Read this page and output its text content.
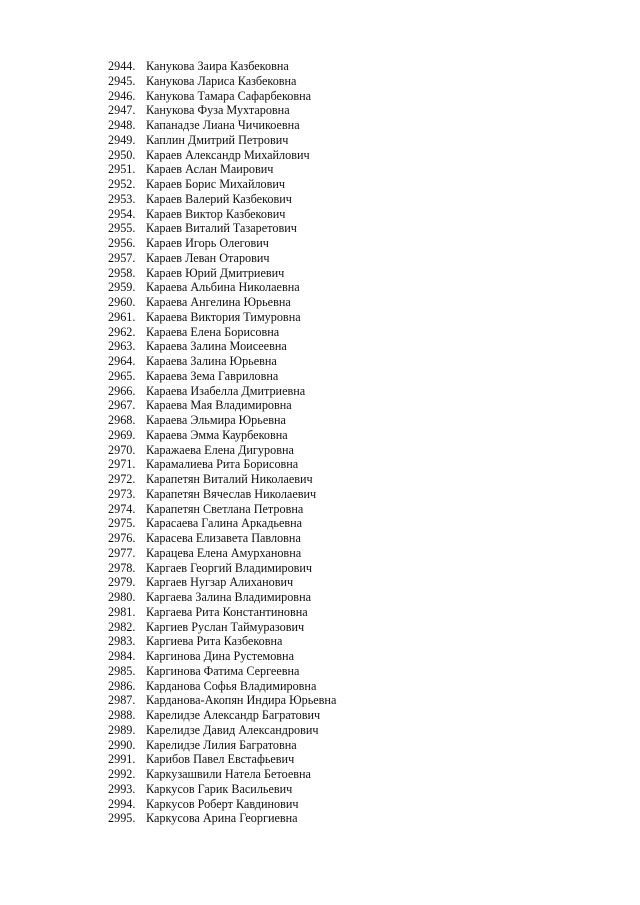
2944. Канукова Заира Казбековна
2945. Канукова Лариса Казбековна
2946. Канукова Тамара Сафарбековна
2947. Канукова Фуза Мухтаровна
2948. Капанадзе Лиана Чичикоевна
2949. Каплин Дмитрий Петрович
2950. Караев Александр Михайлович
2951. Караев Аслан Маирович
2952. Караев Борис Михайлович
2953. Караев Валерий Казбекович
2954. Караев Виктор Казбекович
2955. Караев Виталий Тазаретович
2956. Караев Игорь Олегович
2957. Караев Леван Отарович
2958. Караев Юрий Дмитриевич
2959. Караева Альбина Николаевна
2960. Караева Ангелина Юрьевна
2961. Караева Виктория Тимуровна
2962. Караева Елена Борисовна
2963. Караева Залина Моисеевна
2964. Караева Залина Юрьевна
2965. Караева Зема Гавриловна
2966. Караева Изабелла Дмитриевна
2967. Караева Мая Владимировна
2968. Караева Эльмира Юрьевна
2969. Караева Эмма Каурбековна
2970. Каражаева Елена Дигуровна
2971. Карамалиева Рита Борисовна
2972. Карапетян Виталий Николаевич
2973. Карапетян Вячеслав Николаевич
2974. Карапетян Светлана Петровна
2975. Карасаева Галина Аркадьевна
2976. Карасева Елизавета Павловна
2977. Карацева Елена Амурхановна
2978. Каргаев Георгий Владимирович
2979. Каргаев Нугзар Алиханович
2980. Каргаева Залина Владимировна
2981. Каргаева Рита Константиновна
2982. Каргиев Руслан Таймуразович
2983. Каргиева Рита Казбековна
2984. Каргинова Дина Рустемовна
2985. Каргинова Фатима Сергеевна
2986. Карданова Софья Владимировна
2987. Карданова-Акопян Индира Юрьевна
2988. Карелидзе Александр Багратович
2989. Карелидзе Давид Александрович
2990. Карелидзе Лилия Багратовна
2991. Карибов Павел Евстафьевич
2992. Каркузашвили Натела Бетоевна
2993. Каркусов Гарик Васильевич
2994. Каркусов Роберт Кавдинович
2995. Каркусова Арина Георгиевна
